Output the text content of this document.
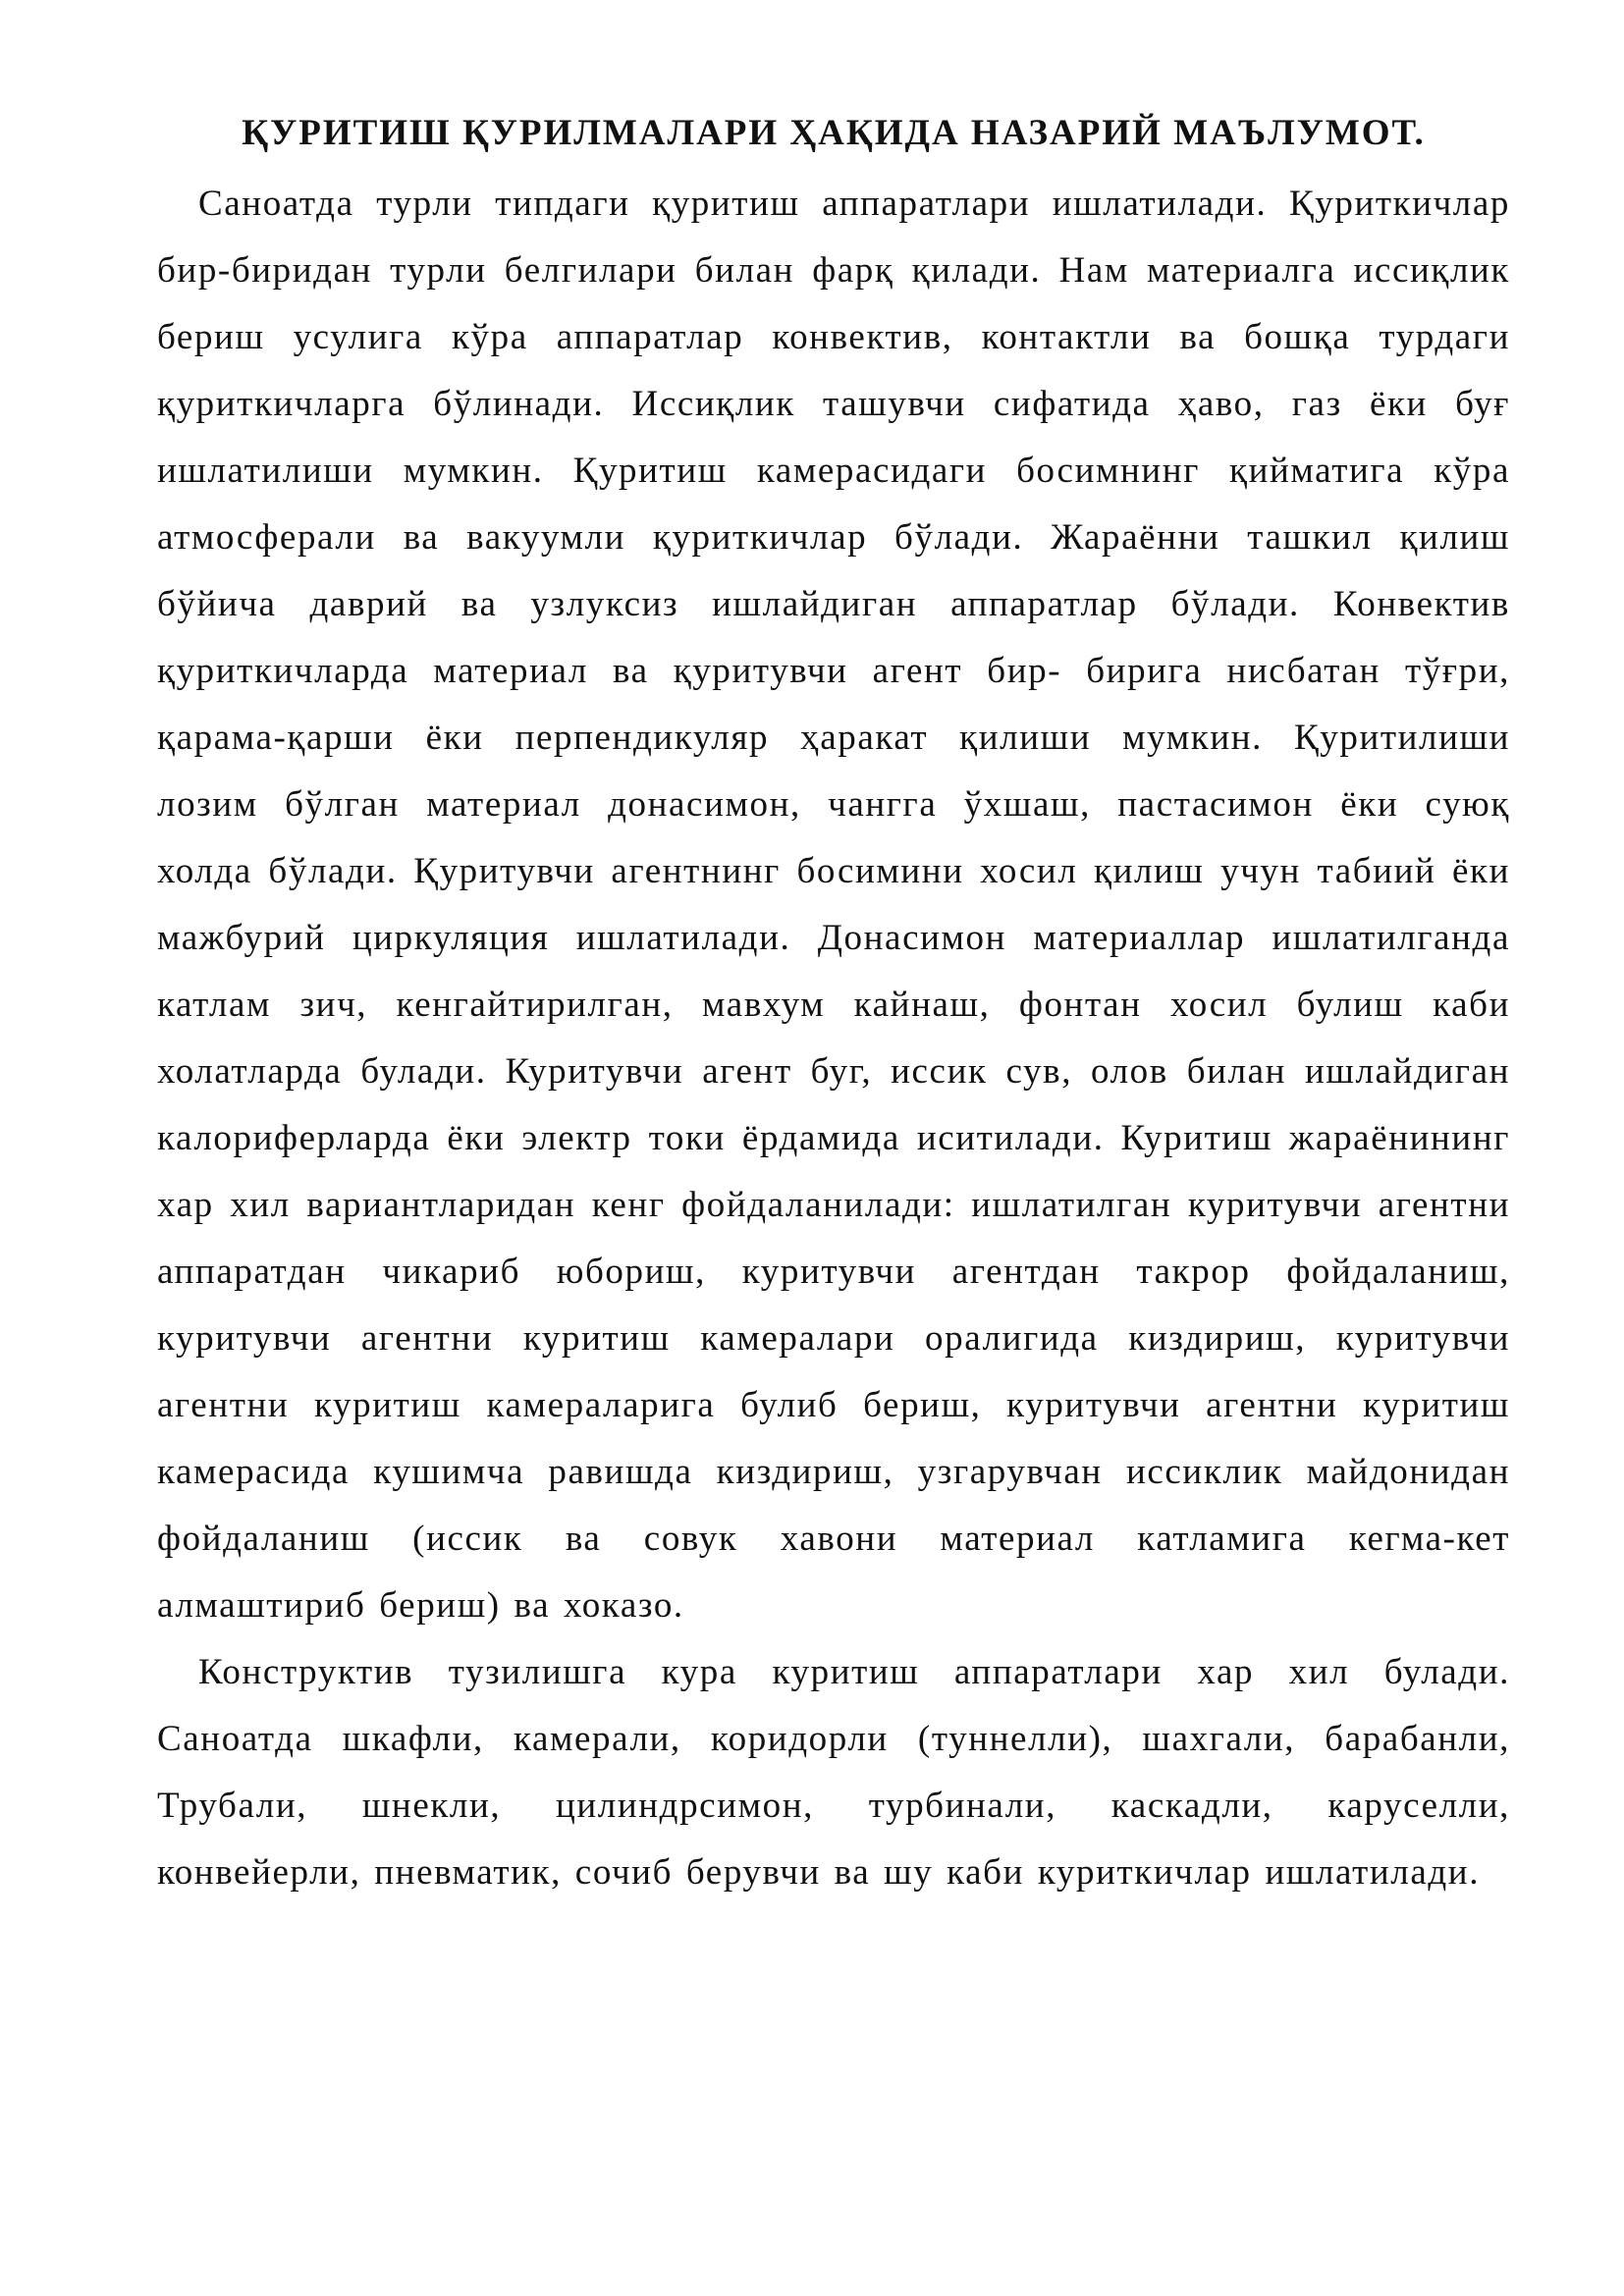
ҚУРИТИШ ҚУРИЛМАЛАРИ ҲАҚИДА НАЗАРИЙ МАЪЛУМОТ.

Саноатда турли типдаги қуритиш аппаратлари ишлатилади. Қуриткичлар бир-биридан турли белгилари билан фарқ қилади. Нам материалга иссиқлик бериш усулига кўра аппаратлар конвектив, контактли ва бошқа турдаги қуриткичларга бўлинади. Иссиқлик ташувчи сифатида ҳаво, газ ёки буғ ишлатилиши мумкин. Қуритиш камерасидаги босимнинг қийматига кўра атмосферали ва вакуумли қуриткичлар бўлади. Жараённи ташкил қилиш бўйича даврий ва узлуксиз ишлайдиган аппаратлар бўлади. Конвектив қуриткичларда материал ва қуритувчи агент бир- бирига нисбатан тўғри, қарама-қарши ёки перпендикуляр ҳаракат қилиши мумкин. Қуритилиши лозим бўлган материал донасимон, чангга ўхшаш, пастасимон ёки суюқ холда бўлади. Қуритувчи агентнинг босимини хосил қилиш учун табиий ёки мажбурий циркуляция ишлатилади. Донасимон материаллар ишлатилганда катлам зич, кенгайтирилган, мавхум кайнаш, фонтан хосил булиш каби холатларда булади. Куритувчи агент буг, иссик сув, олов билан ишлайдиган калориферларда ёки электр токи ёрдамида иситилади. Куритиш жараёнининг хар хил вариантларидан кенг фойдаланилади: ишлатилган куритувчи агентни аппаратдан чикариб юбориш, куритувчи агентдан такрор фойдаланиш, куритувчи агентни куритиш камералари оралигида киздириш, куритувчи агентни куритиш камераларига булиб бериш, куритувчи агентни куритиш камерасида кушимча равишда киздириш, узгарувчан иссиклик майдонидан фойдаланиш (иссик ва совук хавони материал катламига кегма-кет алмаштириб бериш) ва хоказо.

Конструктив тузилишга кура куритиш аппаратлари хар хил булади. Саноатда шкафли, камерали, коридорли (туннелли), шахгали, барабанли, Трубали, шнекли, цилиндрсимон, турбинали, каскадли, каруселли, конвейерли, пневматик, сочиб берувчи ва шу каби куриткичлар ишлатилади.
